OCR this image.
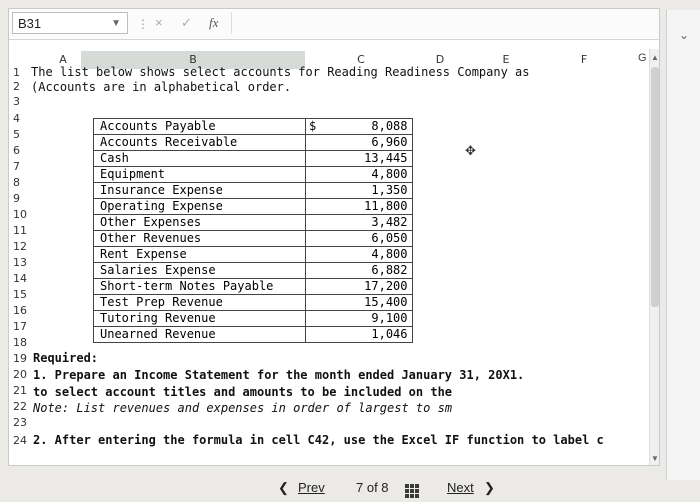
B31	▼ ⋮ × ✓ fx
A	B	C	D	E	F
1
2
3
4
5
6
7
8
9
10
11
12
13
14
15
16
17
18
19
20
21
22
23
24
The list below shows select accounts for Reading Readiness Company as
(Accounts are in alphabetical order.
Accounts Payable	$	8,088
Accounts Receivable		6,960
Cash		13,445
Equipment		4,800
Insurance Expense		1,350
Operating Expense		11,800
Other Expenses		3,482
Other Revenues		6,050
Rent Expense		4,800
Salaries Expense		6,882
Short-term Notes Payable		17,200
Test Prep Revenue		15,400
Tutoring Revenue		9,100
Unearned Revenue		1,046
✥
Required:
1. Prepare an Income Statement for the month ended January 31, 20X1.
to select account titles and amounts to be included on the
Note: List revenues and expenses in order of largest to sm
2. After entering the formula in cell C42, use the Excel IF function to label c
▲
▼
⌄
G
❮ Prev 7 of 8	Next ❯
